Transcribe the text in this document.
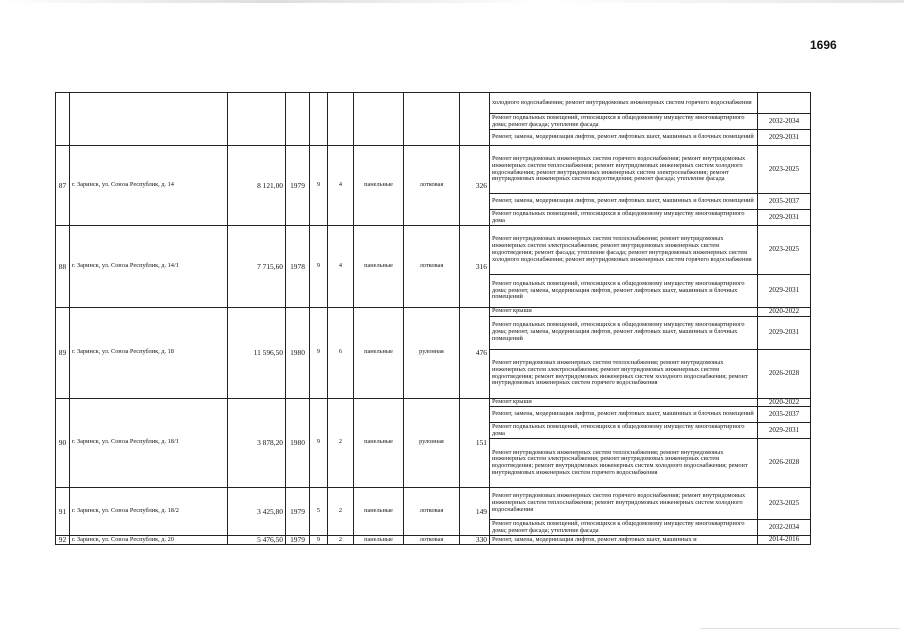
1696
									холодного водоснабжения; ремонт внутридомовых инженерных систем горячего водоснабжения	
									Ремонт подвальных помещений, относящихся к общедомовому имуществу многоквартирного дома; ремонт фасада; утепление фасада	2032-2034
									Ремонт, замена, модернизация лифтов, ремонт лифтовых шахт, машинных и блочных помещений	2029-2031
87	г. Заринск, ул. Союза Республик, д. 14	8 121,00	1979	9	4	панельные	лотковая	326	Ремонт внутридомовых инженерных систем горячего водоснабжения; ремонт внутридомовых инженерных систем теплоснабжения; ремонт внутридомовых инженерных систем холодного водоснабжения; ремонт внутридомовых инженерных систем электроснабжения; ремонт внутридомовых инженерных систем водоотведения; ремонт фасада; утепление фасада	2023-2025
									Ремонт, замена, модернизация лифтов, ремонт лифтовых шахт, машинных и блочных помещений	2035-2037
									Ремонт подвальных помещений, относящихся к общедомовому имуществу многоквартирного дома	2029-2031
88	г. Заринск, ул. Союза Республик, д. 14/1	7 715,60	1978	9	4	панельные	лотковая	316	Ремонт внутридомовых инженерных систем теплоснабжения; ремонт внутридомовых инженерных систем электроснабжения; ремонт внутридомовых инженерных систем водоотведения; ремонт фасада; утепление фасада; ремонт внутридомовых инженерных систем холодного водоснабжения; ремонт внутридомовых инженерных систем горячего водоснабжения	2023-2025
									Ремонт подвальных помещений, относящихся к общедомовому имуществу многоквартирного дома; ремонт, замена, модернизация лифтов, ремонт лифтовых шахт, машинных и блочных помещений	2029-2031
89	г. Заринск, ул. Союза Республик, д. 18	11 596,50	1980	9	6	панельные	рулонная	476	Ремонт крыши	2020-2022
									Ремонт подвальных помещений, относящихся к общедомовому имуществу многоквартирного дома; ремонт, замена, модернизация лифтов, ремонт лифтовых шахт, машинных и блочных помещений	2029-2031
									Ремонт внутридомовых инженерных систем теплоснабжения; ремонт внутридомовых инженерных систем электроснабжения; ремонт внутридомовых инженерных систем водоотведения; ремонт внутридомовых инженерных систем холодного водоснабжения; ремонт внутридомовых инженерных систем горячего водоснабжения	2026-2028
90	г. Заринск, ул. Союза Республик, д. 18/1	3 878,20	1980	9	2	панельные	рулонная	151	Ремонт крыши	2020-2022
									Ремонт, замена, модернизация лифтов, ремонт лифтовых шахт, машинных и блочных помещений	2035-2037
									Ремонт подвальных помещений, относящихся к общедомовому имуществу многоквартирного дома	2029-2031
									Ремонт внутридомовых инженерных систем теплоснабжения; ремонт внутридомовых инженерных систем электроснабжения; ремонт внутридомовых инженерных систем водоотведения; ремонт внутридомовых инженерных систем холодного водоснабжения; ремонт внутридомовых инженерных систем горячего водоснабжения	2026-2028
91	г. Заринск, ул. Союза Республик, д. 18/2	3 425,80	1979	5	2	панельные	лотковая	149	Ремонт внутридомовых инженерных систем горячего водоснабжения; ремонт внутридомовых инженерных систем теплоснабжения; ремонт внутридомовых инженерных систем холодного водоснабжения	2023-2025
									Ремонт подвальных помещений, относящихся к общедомовому имуществу многоквартирного дома; ремонт фасада; утепление фасада	2032-2034
92	г. Заринск, ул. Союза Республик, д. 20	5 476,50	1979	9	2	панельные	лотковая	330	Ремонт, замена, модернизация лифтов, ремонт лифтовых шахт, машинных и	2014-2016
